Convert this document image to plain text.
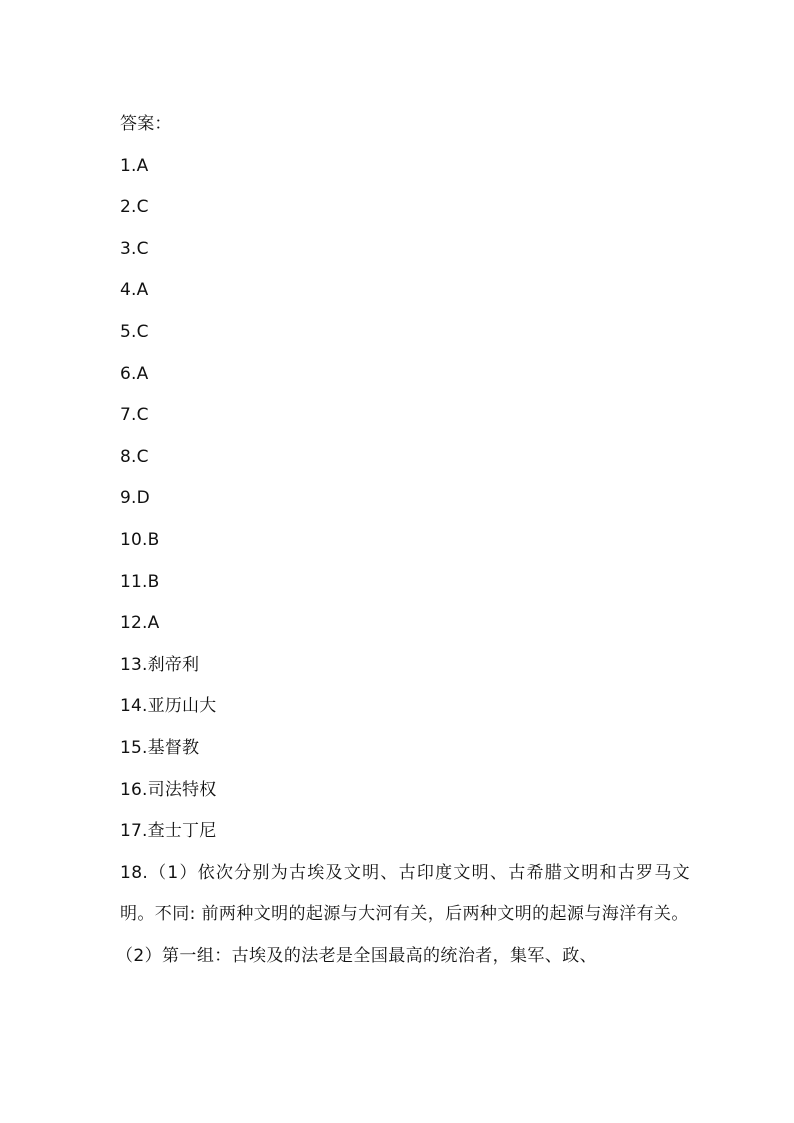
答案：
1.A
2.C
3.C
4.A
5.C
6.A
7.C
8.C
9.D
10.B
11.B
12.A
13.刹帝利
14.亚历山大
15.基督教
16.司法特权
17.查士丁尼
18.（1）依次分别为古埃及文明、古印度文明、古希腊文明和古罗马文明。不同: 前两种文明的起源与大河有关，后两种文明的起源与海洋有关。
（2）第一组：古埃及的法老是全国最高的统治者，集军、政、
